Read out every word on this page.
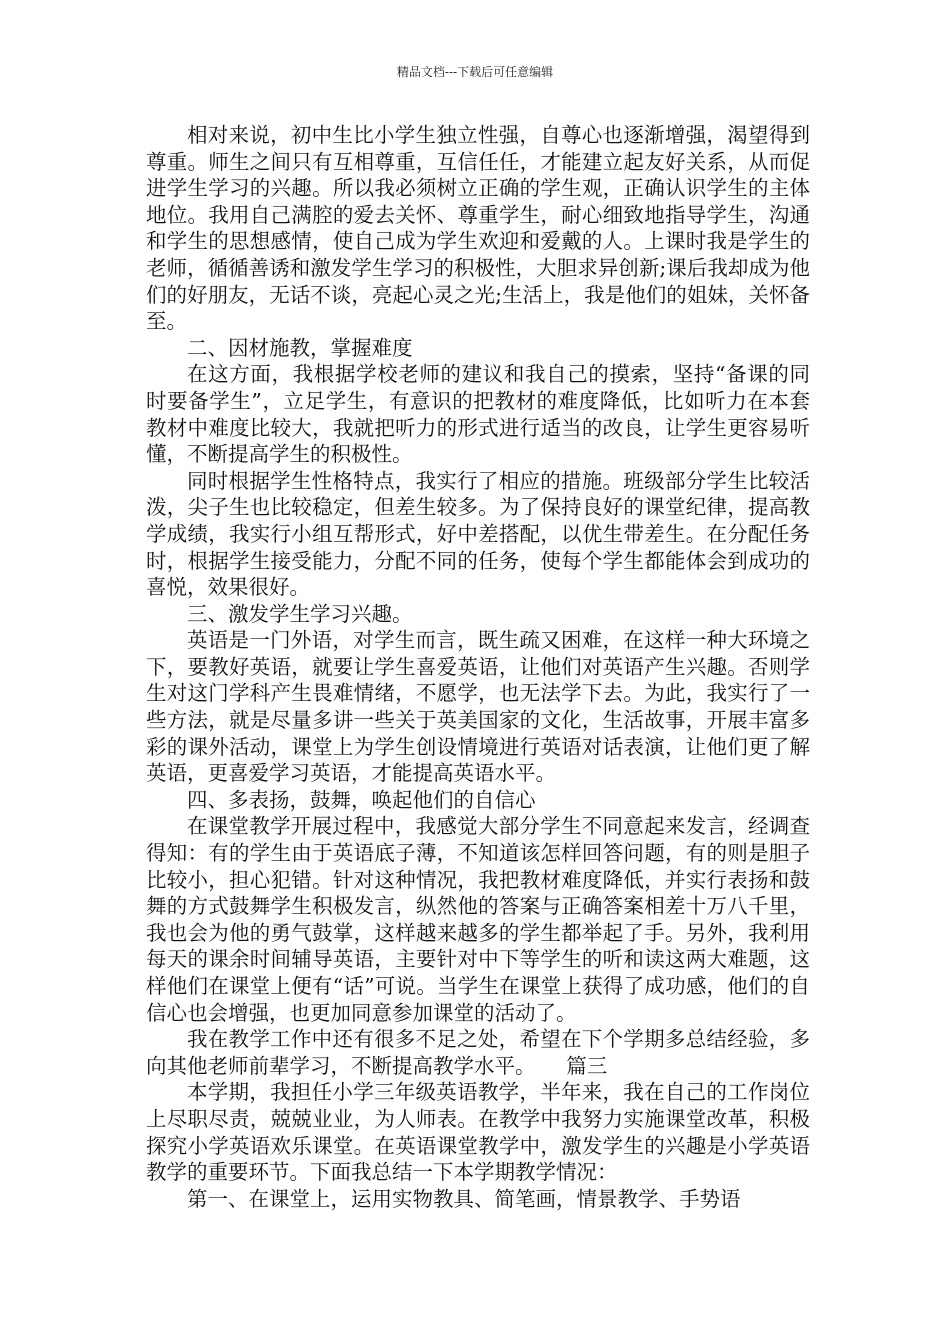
精品文档---下载后可任意编辑

相对来说，初中生比小学生独立性强，自尊心也逐渐增强，渴望得到尊重。师生之间只有互相尊重，互信任任，才能建立起友好关系，从而促进学生学习的兴趣。所以我必须树立正确的学生观，正确认识学生的主体地位。我用自己满腔的爱去关怀、尊重学生，耐心细致地指导学生，沟通和学生的思想感情，使自己成为学生欢迎和爱戴的人。上课时我是学生的老师，循循善诱和激发学生学习的积极性，大胆求异创新;课后我却成为他们的好朋友，无话不谈，亮起心灵之光;生活上，我是他们的姐妹，关怀备至。

二、因材施教，掌握难度

在这方面，我根据学校老师的建议和我自己的摸索，坚持“备课的同时要备学生”，立足学生，有意识的把教材的难度降低，比如听力在本套教材中难度比较大，我就把听力的形式进行适当的改良，让学生更容易听懂，不断提高学生的积极性。

同时根据学生性格特点，我实行了相应的措施。班级部分学生比较活泼，尖子生也比较稳定，但差生较多。为了保持良好的课堂纪律，提高教学成绩，我实行小组互帮形式，好中差搭配，以优生带差生。在分配任务时，根据学生接受能力，分配不同的任务，使每个学生都能体会到成功的喜悦，效果很好。

三、激发学生学习兴趣。

英语是一门外语，对学生而言，既生疏又困难，在这样一种大环境之下，要教好英语，就要让学生喜爱英语，让他们对英语产生兴趣。否则学生对这门学科产生畏难情绪，不愿学，也无法学下去。为此，我实行了一些方法，就是尽量多讲一些关于英美国家的文化，生活故事，开展丰富多彩的课外活动，课堂上为学生创设情境进行英语对话表演，让他们更了解英语，更喜爱学习英语，才能提高英语水平。

四、多表扬，鼓舞，唤起他们的自信心

在课堂教学开展过程中，我感觉大部分学生不同意起来发言，经调查得知：有的学生由于英语底子薄，不知道该怎样回答问题，有的则是胆子比较小，担心犯错。针对这种情况，我把教材难度降低，并实行表扬和鼓舞的方式鼓舞学生积极发言，纵然他的答案与正确答案相差十万八千里，我也会为他的勇气鼓掌，这样越来越多的学生都举起了手。另外，我利用每天的课余时间辅导英语，主要针对中下等学生的听和读这两大难题，这样他们在课堂上便有“话”可说。当学生在课堂上获得了成功感，他们的自信心也会增强，也更加同意参加课堂的活动了。

我在教学工作中还有很多不足之处，希望在下个学期多总结经验，多向其他老师前辈学习，不断提高教学水平。　　篇三

本学期，我担任小学三年级英语教学，半年来，我在自己的工作岗位上尽职尽责，兢兢业业，为人师表。在教学中我努力实施课堂改革，积极探究小学英语欢乐课堂。在英语课堂教学中，激发学生的兴趣是小学英语教学的重要环节。下面我总结一下本学期教学情况：

第一、在课堂上，运用实物教具、简笔画，情景教学、手势语
